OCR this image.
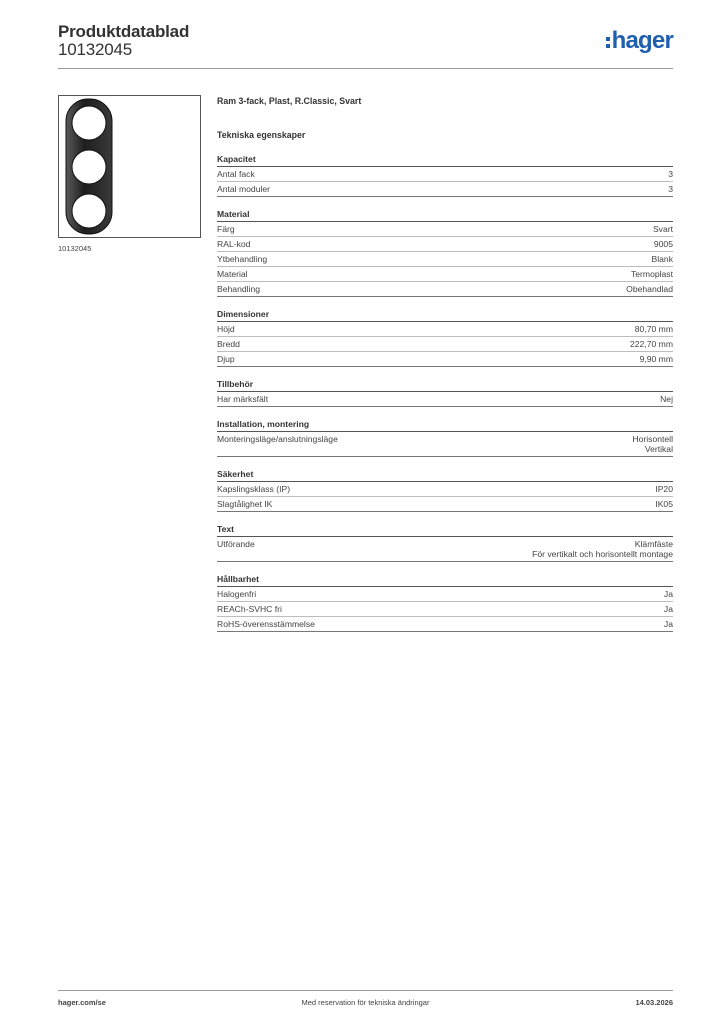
Produktdatablad
10132045	hager
10132045
Ram 3-fack, Plast, R.Classic, Svart
Tekniska egenskaper
Kapacitet
Antal fack	3
Antal moduler	3
Material
Färg	Svart
RAL-kod	9005
Ytbehandling	Blank
Material	Termoplast
Behandling	Obehandlad
Dimensioner
Höjd	80,70 mm
Bredd	222,70 mm
Djup	9,90 mm
Tillbehör
Har märksfält	Nej
Installation, montering
Monteringsläge/anslutningsläge	Horisontell
Vertikal
Säkerhet
Kapslingsklass (IP)	IP20
Slagtålighet IK	IK05
Text
Utförande	Klämfäste
För vertikalt och horisontellt montage
Hållbarhet
Halogenfri	Ja
REACh-SVHC fri	Ja
RoHS-överensstämmelse	Ja
hager.com/se	Med reservation för tekniska ändringar	14.03.2026
